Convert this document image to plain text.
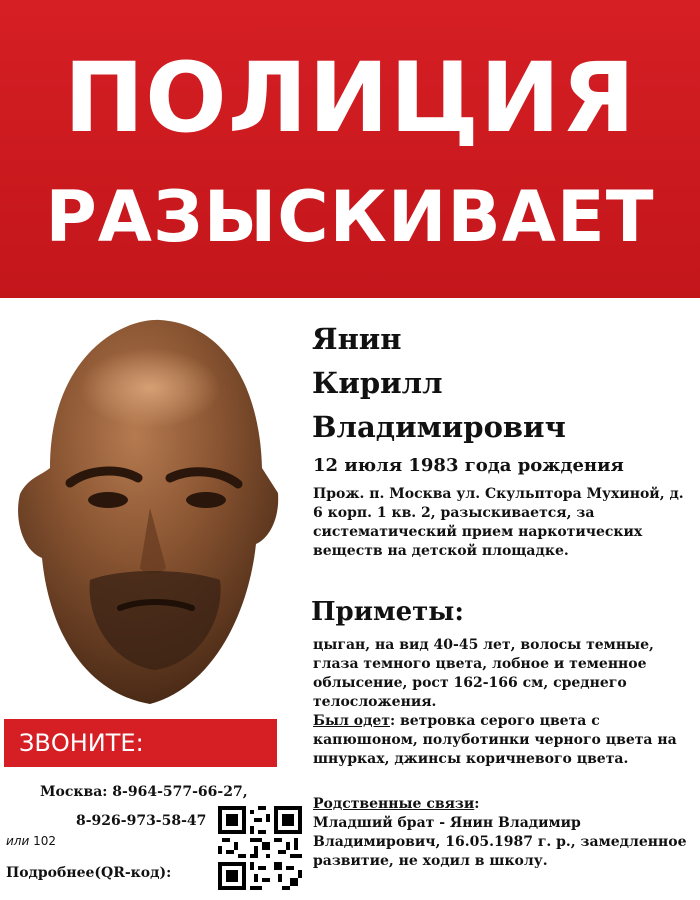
ПОЛИЦИЯ
РАЗЫСКИВАЕТ
ЗВОНИТЕ:
Москва: 8-964-577-66-27,
8-926-973-58-47
или 102
Подробнее(QR-код):
Янин
Кирилл
Владимирович
12 июля 1983 года рождения
Прож. п. Москва ул. Скульптора Мухиной, д. 6 корп. 1 кв. 2, разыскивается, за систематический прием наркотических веществ на детской площадке.
Приметы:
цыган, на вид 40-45 лет, волосы темные, глаза темного цвета, лобное и теменное облысение, рост 162-166 см, среднего телосложения.
Был одет: ветровка серого цвета с капюшоном, полуботинки черного цвета на шнурках, джинсы коричневого цвета.
Родственные связи:
Младший брат - Янин Владимир Владимирович, 16.05.1987 г. р., замедленное развитие, не ходил в школу.
